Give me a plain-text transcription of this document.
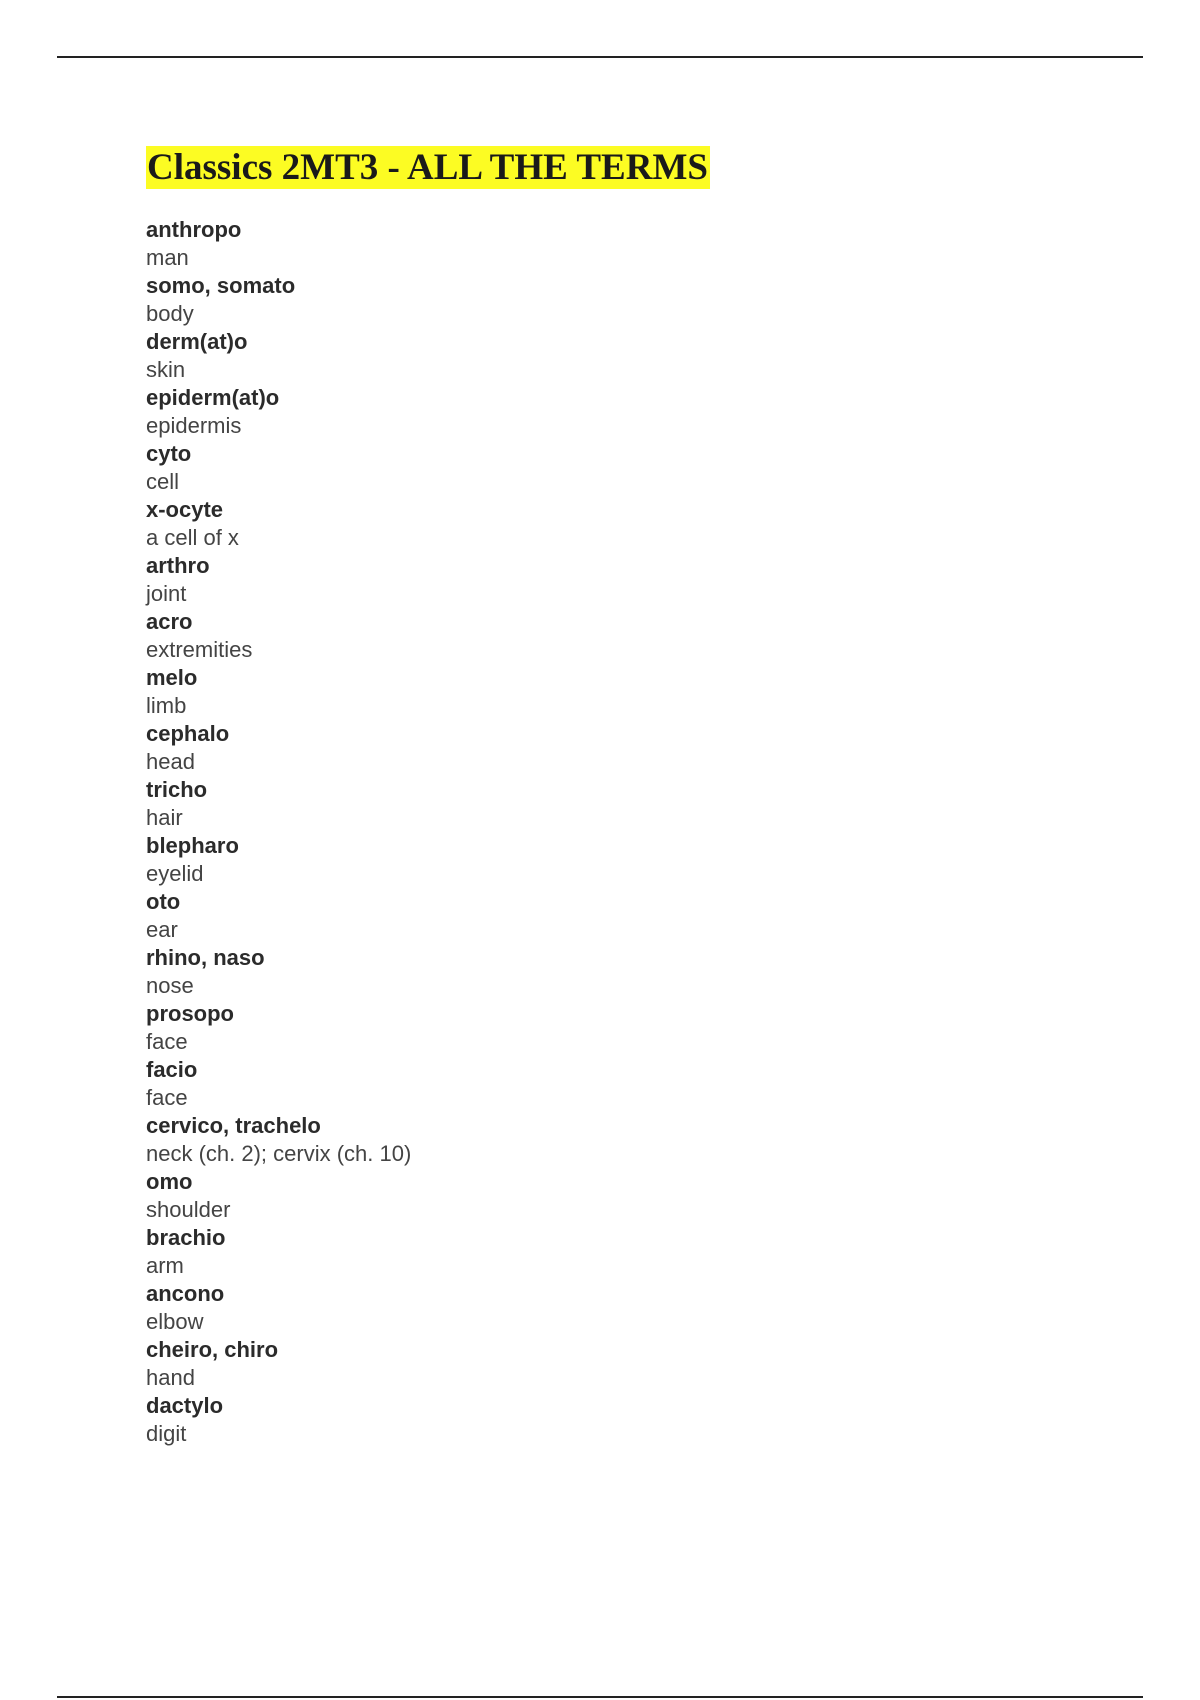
Classics 2MT3 - ALL THE TERMS
anthropo
man
somo, somato
body
derm(at)o
skin
epiderm(at)o
epidermis
cyto
cell
x-ocyte
a cell of x
arthro
joint
acro
extremities
melo
limb
cephalo
head
tricho
hair
blepharo
eyelid
oto
ear
rhino, naso
nose
prosopo
face
facio
face
cervico, trachelo
neck (ch. 2); cervix (ch. 10)
omo
shoulder
brachio
arm
ancono
elbow
cheiro, chiro
hand
dactylo
digit
